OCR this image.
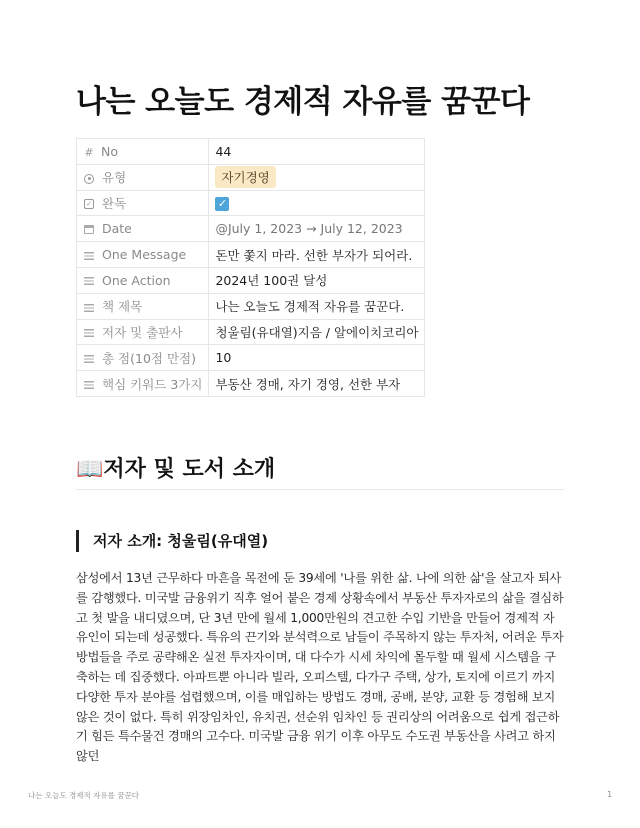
나는 오늘도 경제적 자유를 꿈꾼다
# No	44
유형	자기경영
✓ 완독	✓
Date	@July 1, 2023 → July 12, 2023
One Message	돈만 쫓지 마라. 선한 부자가 되어라.
One Action	2024년 100권 달성
책 제목	나는 오늘도 경제적 자유를 꿈꾼다.
저자 및 출판사	청울림(유대열)지음 / 알에이치코리아
총 점(10점 만점)	10
핵심 키워드 3가지	부동산 경매, 자기 경영, 선한 부자
📖저자 및 도서 소개
저자 소개: 청울림(유대열)
삼성에서 13년 근무하다 마흔을 목전에 둔 39세에 '나를 위한 삶. 나에 의한 삶'을 살고자 퇴사를 감행했다. 미국발 금융위기 직후 얼어 붙은 경제 상황속에서 부동산 투자자로의 삶을 결심하고 첫 발을 내디뎠으며, 단 3년 만에 월세 1,000만원의 견고한 수입 기반을 만들어 경제적 자유인이 되는데 성공했다. 특유의 끈기와 분석력으로 남들이 주목하지 않는 투자처, 어려운 투자방법들을 주로 공략해온 실전 투자자이며, 대 다수가 시세 차익에 몰두할 때 월세 시스템을 구축하는 데 집중했다. 아파트뿐 아니라 빌라, 오피스텔, 다가구 주택, 상가, 토지에 이르기 까지 다양한 투자 분야를 섭렵했으며, 이를 매입하는 방법도 경매, 공배, 분양, 교환 등 경험해 보지 않은 것이 없다. 특히 위장임차인, 유치권, 선순위 임차인 등 권리상의 어려움으로 쉽게 접근하기 힘든 특수물건 경매의 고수다. 미국발 금융 위기 이후 아무도 수도권 부동산을 사려고 하지 않던
나는 오늘도 경제적 자유를 꿈꾼다	1
